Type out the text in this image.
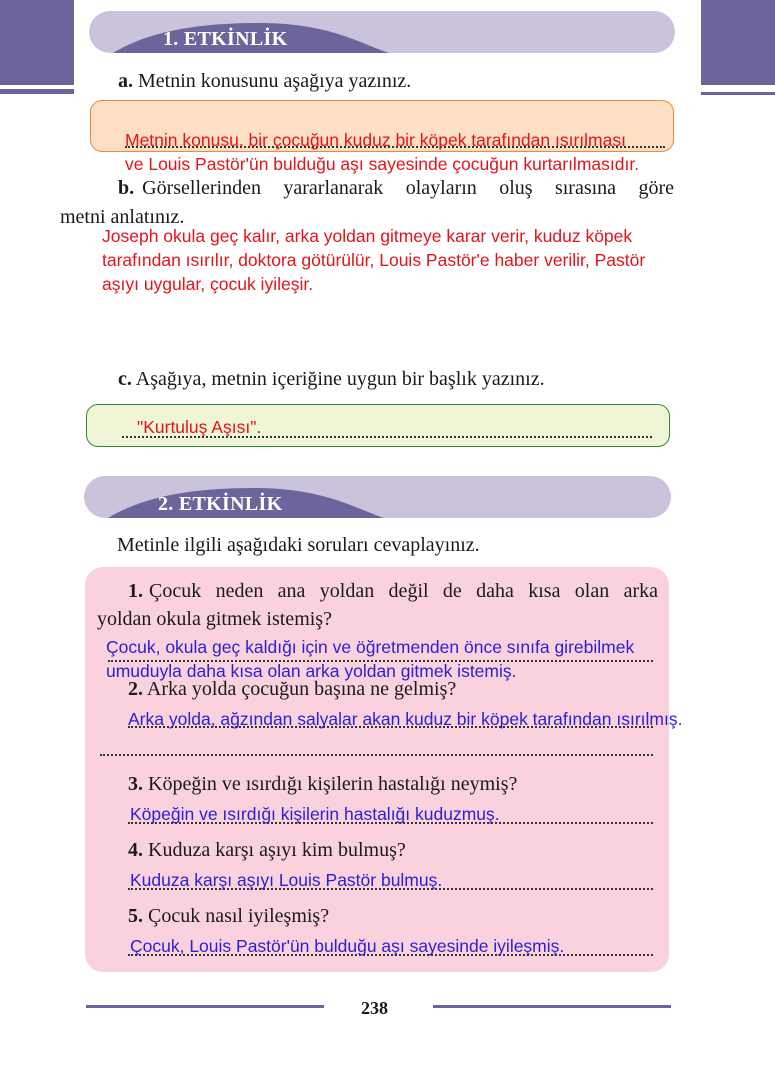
1. ETKİNLİK
a. Metnin konusunu aşağıya yazınız.
Metnin konusu, bir çocuğun kuduz bir köpek tarafından ısırılması
ve Louis Pastör'ün bulduğu aşı sayesinde çocuğun kurtarılmasıdır.
b. Görsellerinden yararlanarak olayların oluş sırasına göre
metni anlatınız.
Joseph okula geç kalır, arka yoldan gitmeye karar verir, kuduz köpek
tarafından ısırılır, doktora götürülür, Louis Pastör'e haber verilir, Pastör
aşıyı uygular, çocuk iyileşir.
c. Aşağıya, metnin içeriğine uygun bir başlık yazınız.
"Kurtuluş Aşısı".
2. ETKİNLİK
Metinle ilgili aşağıdaki soruları cevaplayınız.
1. Çocuk neden ana yoldan değil de daha kısa olan arka
yoldan okula gitmek istemiş?
Çocuk, okula geç kaldığı için ve öğretmenden önce sınıfa girebilmek
umuduyla daha kısa olan arka yoldan gitmek istemiş.
2. Arka yolda çocuğun başına ne gelmiş?
Arka yolda, ağzından salyalar akan kuduz bir köpek tarafından ısırılmış.
3. Köpeğin ve ısırdığı kişilerin hastalığı neymiş?
Köpeğin ve ısırdığı kişilerin hastalığı kuduzmuş.
4. Kuduza karşı aşıyı kim bulmuş?
Kuduza karşı aşıyı Louis Pastör bulmuş.
5. Çocuk nasıl iyileşmiş?
Çocuk, Louis Pastör'ün bulduğu aşı sayesinde iyileşmiş.
238
